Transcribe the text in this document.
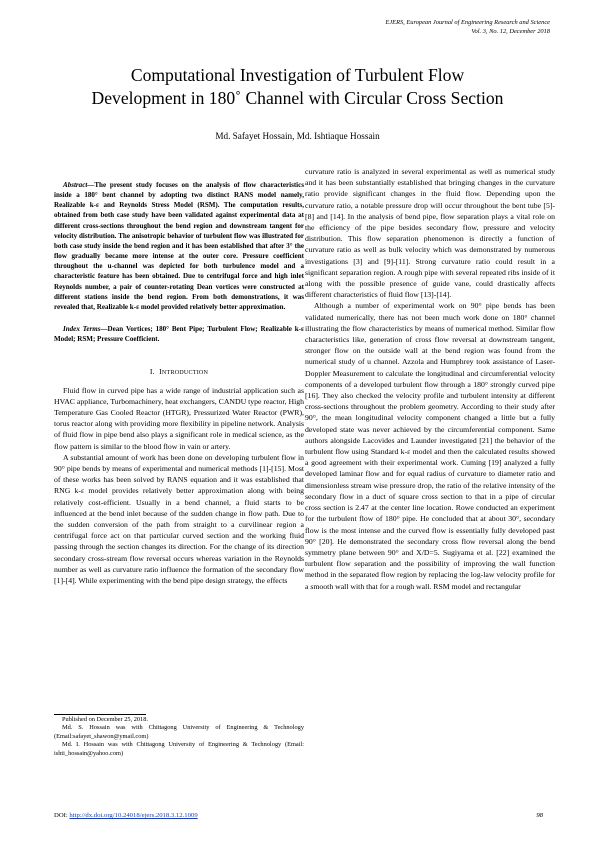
EJERS, European Journal of Engineering Research and Science
Vol. 3, No. 12, December 2018
Computational Investigation of Turbulent Flow
Development in 180˚ Channel with Circular Cross Section
Md. Safayet Hossain, Md. Ishtiaque Hossain

Abstract—The present study focuses on the analysis of flow characteristics inside a 180° bent channel by adopting two distinct RANS model namely, Realizable k-ε and Reynolds Stress Model (RSM). The computation results, obtained from both case study have been validated against experimental data at different cross-sections throughout the bend region and downstream tangent for velocity distribution. The anisotropic behavior of turbulent flow was illustrated for both case study inside the bend region and it has been established that after 3° the flow gradually became more intense at the outer core. Pressure coefficient throughout the u-channel was depicted for both turbulence model and a characteristic feature has been obtained. Due to centrifugal force and high inlet Reynolds number, a pair of counter-rotating Dean vortices were constructed at different stations inside the bend region. From both demonstrations, it was revealed that, Realizable k-ε model provided relatively better approximation.

Index Terms—Dean Vortices; 180° Bent Pipe; Turbulent Flow; Realizable k-ε Model; RSM; Pressure Coefficient.

I. INTRODUCTION

Fluid flow in curved pipe has a wide range of industrial application such as HVAC appliance, Turbomachinery, heat exchangers, CANDU type reactor, High Temperature Gas Cooled Reactor (HTGR), Pressurized Water Reactor (PWR), torus reactor along with providing more flexibility in pipeline network. Analysis of fluid flow in pipe bend also plays a significant role in medical science, as the flow pattern is similar to the blood flow in vain or artery.

A substantial amount of work has been done on developing turbulent flow in 90° pipe bends by means of experimental and numerical methods [1]-[15]. Most of these works has been solved by RANS equation and it was established that RNG k-ε model provides relatively better approximation along with being relatively cost-efficient. Usually in a bend channel, a fluid starts to be influenced at the bend inlet because of the sudden change in flow path. Due to the sudden conversion of the path from straight to a curvilinear region a centrifugal force act on that particular curved section and the working fluid passing through the section changes its direction. For the change of its direction secondary cross-stream flow reversal occurs whereas variation in the Reynolds number as well as curvature ratio influence the formation of the secondary flow [1]-[4]. While experimenting with the bend pipe design strategy, the effects

curvature ratio is analyzed in several experimental as well as numerical study and it has been substantially established that bringing changes in the curvature ratio provide significant changes in the fluid flow. Depending upon the curvature ratio, a notable pressure drop will occur throughout the bent tube [5]-[8] and [14]. In the analysis of bend pipe, flow separation plays a vital role on the efficiency of the pipe besides secondary flow, pressure and velocity distribution. This flow separation phenomenon is directly a function of curvature ratio as well as bulk velocity which was demonstrated by numerous investigations [3] and [9]-[11]. Strong curvature ratio could result in a significant separation region. A rough pipe with several repeated ribs inside of it along with the possible presence of guide vane, could drastically affects different characteristics of fluid flow [13]-[14].

Although a number of experimental work on 90° pipe bends has been validated numerically, there has not been much work done on 180° channel illustrating the flow characteristics by means of numerical method. Similar flow characteristics like, generation of cross flow reversal at downstream tangent, stronger flow on the outside wall at the bend region was found from the numerical study of u channel. Azzola and Humphrey took assistance of Laser-Doppler Measurement to calculate the longitudinal and circumferential velocity components of a developed turbulent flow through a 180° strongly curved pipe [16]. They also checked the velocity profile and turbulent intensity at different cross-sections throughout the problem geometry. According to their study after 90°, the mean longitudinal velocity component changed a little but a fully developed state was never achieved by the circumferential component. Same authors alongside Lacovides and Launder investigated [21] the behavior of the turbulent flow using Standard k-ε model and then the calculated results showed a good agreement with their experimental work. Cuming [19] analyzed a fully developed laminar flow and for equal radius of curvature to diameter ratio and dimensionless stream wise pressure drop, the ratio of the relative intensity of the secondary flow in a duct of square cross section to that in a pipe of circular cross section is 2.47 at the center line location. Rowe conducted an experiment for the turbulent flow of 180° pipe. He concluded that at about 30°, secondary flow is the most intense and the curved flow is essentially fully developed past 90° [20]. He demonstrated the secondary cross flow reversal along the bend symmetry plane between 90° and X/D=5. Sugiyama et al. [22] examined the turbulent flow separation and the possibility of improving the wall function method in the separated flow region by replacing the log-law velocity profile for a smooth wall with that for a rough wall. RSM model and rectangular

Published on December 25, 2018.

Md. S. Hossain was with Chittagong University of Engineering & Technology (Email:safayet_shawon@ymail.com)

Md. I. Hossain was with Chittagong University of Engineering & Technology (Email: ishti_hossain@yahoo.com)

DOI: http://dx.doi.org/10.24018/ejers.2018.3.12.1009	98
